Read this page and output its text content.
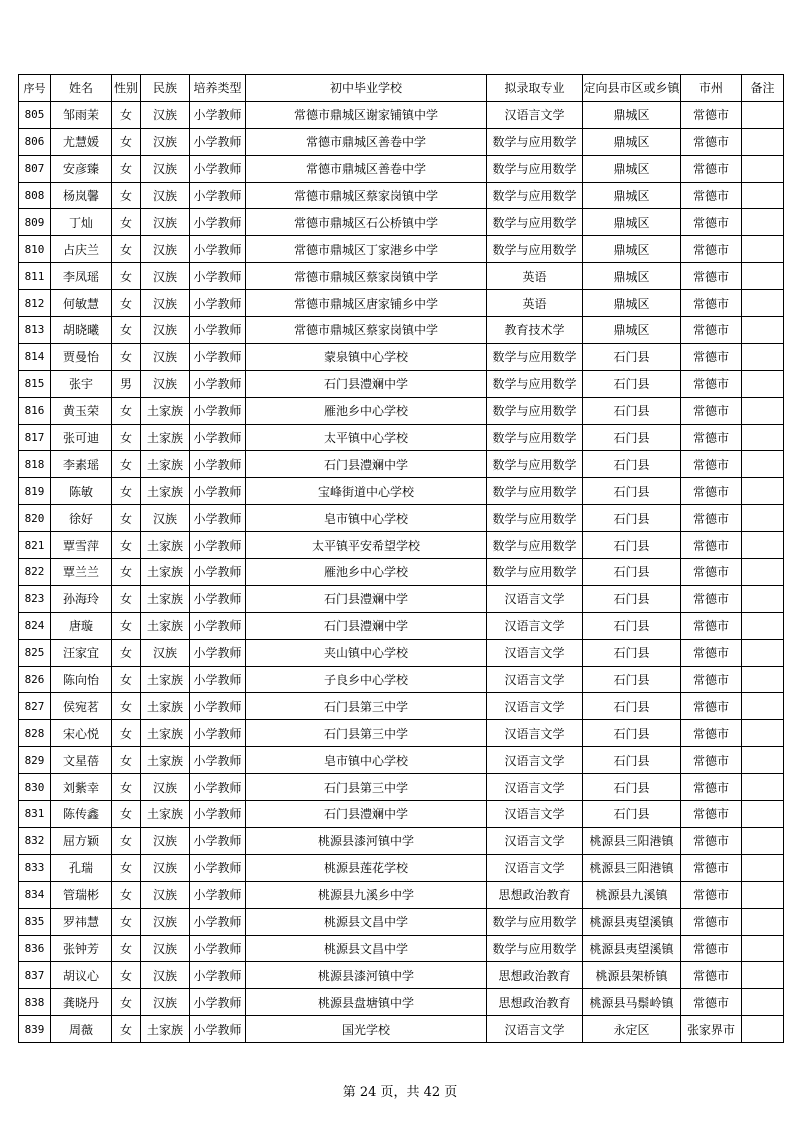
序号	姓名	性别	民族	培养类型	初中毕业学校	拟录取专业	定向县市区或乡镇	市州	备注
805	邹雨茉	女	汉族	小学教师	常德市鼎城区谢家铺镇中学	汉语言文学	鼎城区	常德市	
806	尤慧媛	女	汉族	小学教师	常德市鼎城区善卷中学	数学与应用数学	鼎城区	常德市	
807	安彦臻	女	汉族	小学教师	常德市鼎城区善卷中学	数学与应用数学	鼎城区	常德市	
808	杨岚馨	女	汉族	小学教师	常德市鼎城区蔡家岗镇中学	数学与应用数学	鼎城区	常德市	
809	丁灿	女	汉族	小学教师	常德市鼎城区石公桥镇中学	数学与应用数学	鼎城区	常德市	
810	占庆兰	女	汉族	小学教师	常德市鼎城区丁家港乡中学	数学与应用数学	鼎城区	常德市	
811	李凤瑶	女	汉族	小学教师	常德市鼎城区蔡家岗镇中学	英语	鼎城区	常德市	
812	何敏慧	女	汉族	小学教师	常德市鼎城区唐家铺乡中学	英语	鼎城区	常德市	
813	胡晓曦	女	汉族	小学教师	常德市鼎城区蔡家岗镇中学	教育技术学	鼎城区	常德市	
814	贾曼怡	女	汉族	小学教师	蒙泉镇中心学校	数学与应用数学	石门县	常德市	
815	张宇	男	汉族	小学教师	石门县澧斓中学	数学与应用数学	石门县	常德市	
816	黄玉荣	女	土家族	小学教师	雁池乡中心学校	数学与应用数学	石门县	常德市	
817	张可迪	女	土家族	小学教师	太平镇中心学校	数学与应用数学	石门县	常德市	
818	李素瑶	女	土家族	小学教师	石门县澧斓中学	数学与应用数学	石门县	常德市	
819	陈敏	女	土家族	小学教师	宝峰街道中心学校	数学与应用数学	石门县	常德市	
820	徐好	女	汉族	小学教师	皂市镇中心学校	数学与应用数学	石门县	常德市	
821	覃雪萍	女	土家族	小学教师	太平镇平安希望学校	数学与应用数学	石门县	常德市	
822	覃兰兰	女	土家族	小学教师	雁池乡中心学校	数学与应用数学	石门县	常德市	
823	孙海玲	女	土家族	小学教师	石门县澧斓中学	汉语言文学	石门县	常德市	
824	唐璇	女	土家族	小学教师	石门县澧斓中学	汉语言文学	石门县	常德市	
825	汪家宜	女	汉族	小学教师	夹山镇中心学校	汉语言文学	石门县	常德市	
826	陈向怡	女	土家族	小学教师	子良乡中心学校	汉语言文学	石门县	常德市	
827	侯宛茗	女	土家族	小学教师	石门县第三中学	汉语言文学	石门县	常德市	
828	宋心悦	女	土家族	小学教师	石门县第三中学	汉语言文学	石门县	常德市	
829	文星蓓	女	土家族	小学教师	皂市镇中心学校	汉语言文学	石门县	常德市	
830	刘紫幸	女	汉族	小学教师	石门县第三中学	汉语言文学	石门县	常德市	
831	陈传鑫	女	土家族	小学教师	石门县澧斓中学	汉语言文学	石门县	常德市	
832	屈方颖	女	汉族	小学教师	桃源县漆河镇中学	汉语言文学	桃源县三阳港镇	常德市	
833	孔瑞	女	汉族	小学教师	桃源县莲花学校	汉语言文学	桃源县三阳港镇	常德市	
834	管瑞彬	女	汉族	小学教师	桃源县九溪乡中学	思想政治教育	桃源县九溪镇	常德市	
835	罗祎慧	女	汉族	小学教师	桃源县文昌中学	数学与应用数学	桃源县夷望溪镇	常德市	
836	张钟芳	女	汉族	小学教师	桃源县文昌中学	数学与应用数学	桃源县夷望溪镇	常德市	
837	胡议心	女	汉族	小学教师	桃源县漆河镇中学	思想政治教育	桃源县架桥镇	常德市	
838	龚晓丹	女	汉族	小学教师	桃源县盘塘镇中学	思想政治教育	桃源县马鬃岭镇	常德市	
839	周薇	女	土家族	小学教师	国光学校	汉语言文学	永定区	张家界市	
第 24 页，共 42 页
